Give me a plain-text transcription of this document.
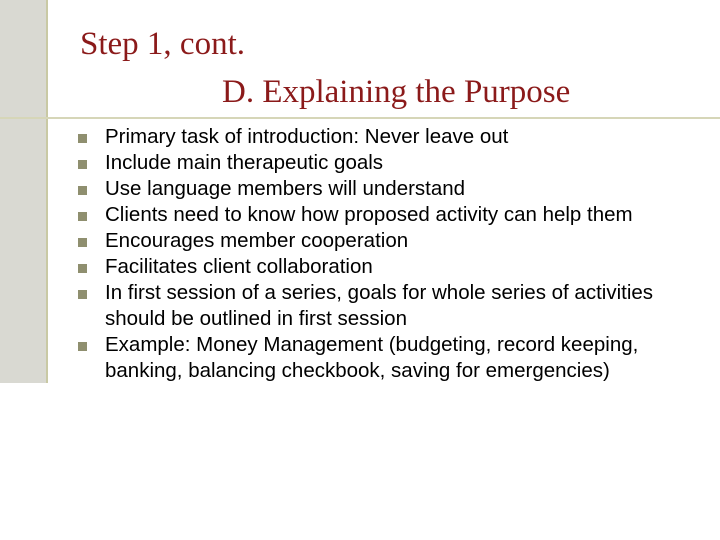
Step 1, cont.
D. Explaining the Purpose
Primary task of introduction: Never leave out
Include main therapeutic goals
Use language members will understand
Clients need to know how proposed activity can help them
Encourages member cooperation
Facilitates client collaboration
In first session of a series, goals for whole series of activities should be outlined in first session
Example: Money Management (budgeting, record keeping, banking, balancing checkbook, saving for emergencies)
